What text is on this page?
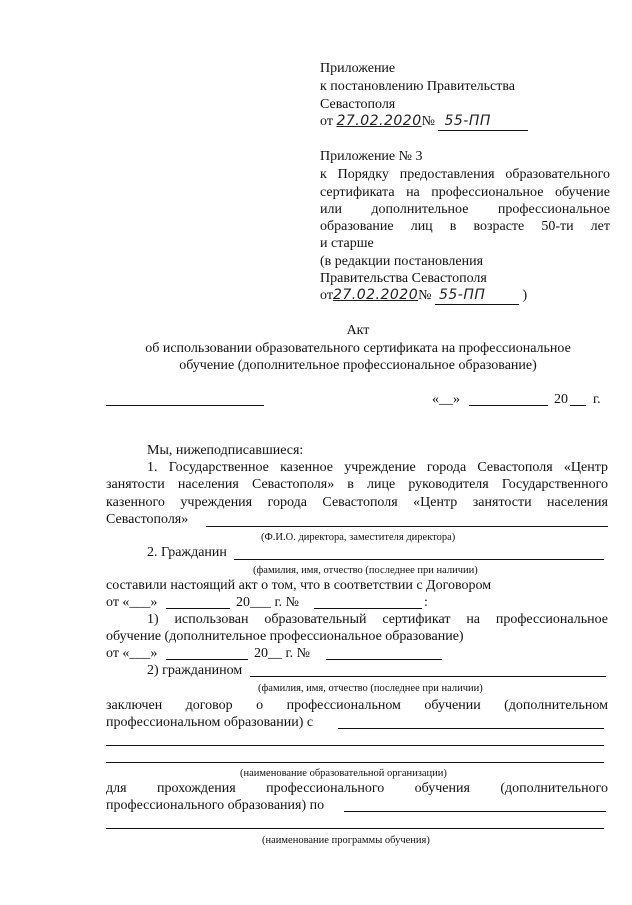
Приложение
к постановлению Правительства
Севастополя
от 27.02.2020№ 55-ПП
Приложение № 3
к Порядку предоставления образовательного
сертификата на профессиональное обучение
или дополнительное профессиональное
образование лиц в возрасте 50-ти лет
и старше
(в редакции постановления
Правительства Севастополя
от27.02.2020№ 55-ПП	)
Акт
об использовании образовательного сертификата на профессиональное
обучение (дополнительное профессиональное образование)
«__»	20 г.
Мы, нижеподписавшиеся:
1. Государственное казенное учреждение города Севастополя «Центр
занятости населения Севастополя» в лице руководителя Государственного
казенного учреждения города Севастополя «Центр занятости населения
Севастополя»
(Ф.И.О. директора, заместителя директора)
2. Гражданин
(фамилия, имя, отчество (последнее при наличии)
составили настоящий акт о том, что в соответствии с Договором
от «___»	20___ г. №	:
1) использован образовательный сертификат на профессиональное
обучение (дополнительное профессиональное образование)
от «___»	20__ г. №
2) гражданином
(фамилия, имя, отчество (последнее при наличии)
заключен договор о профессиональном обучении (дополнительном
профессиональном образовании) с
(наименование образовательной организации)
для прохождения профессионального обучения (дополнительного
профессионального образования) по
(наименование программы обучения)
